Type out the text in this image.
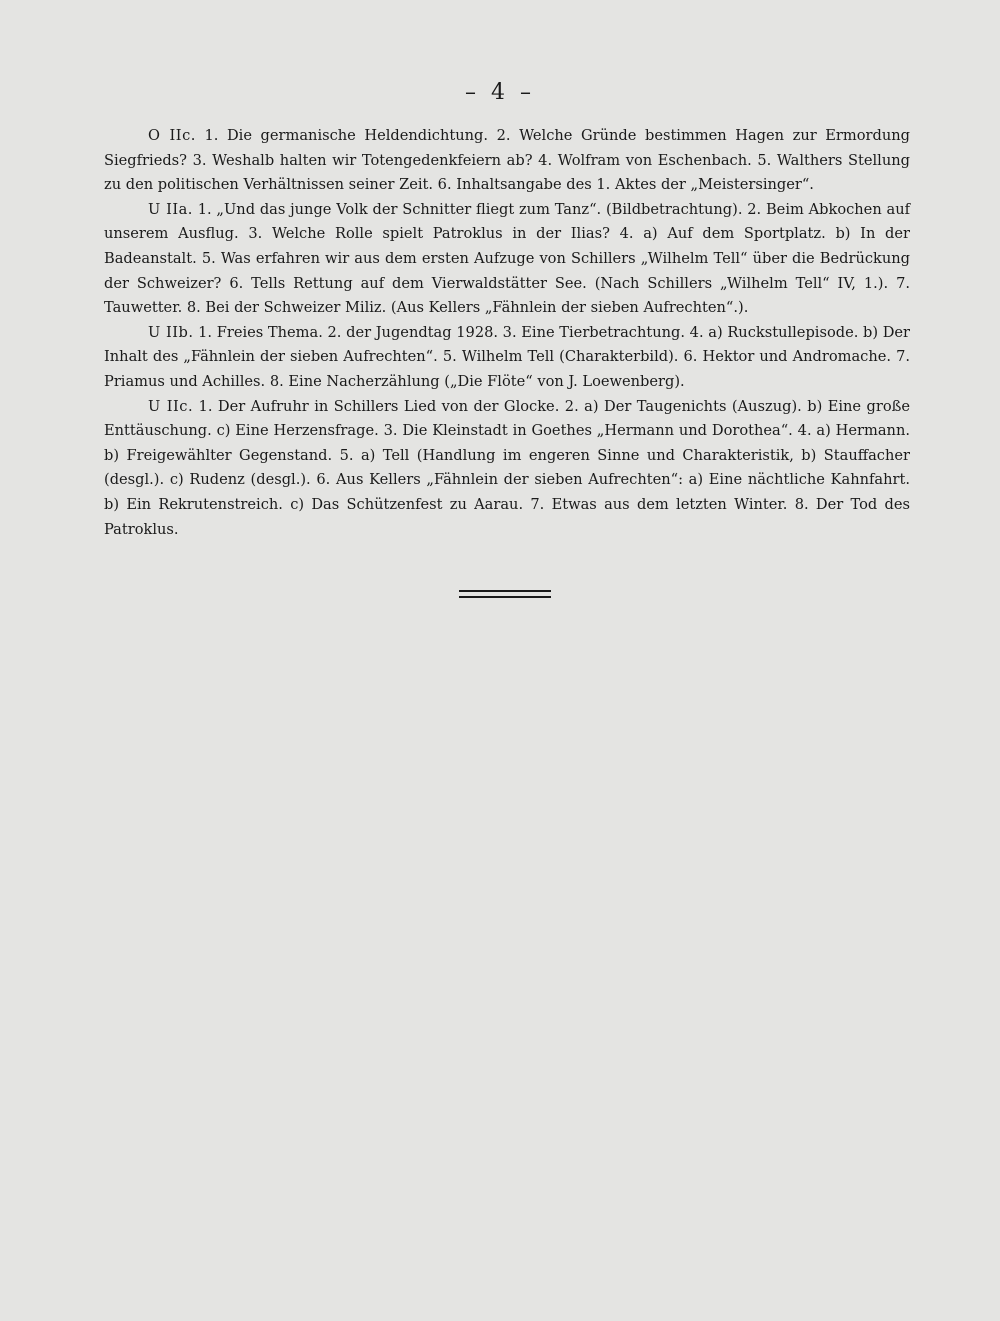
– 4 –

O IIc. 1. Die germanische Heldendichtung. 2. Welche Gründe bestimmen Hagen zur Ermordung Siegfrieds? 3. Weshalb halten wir Totengedenkfeiern ab? 4. Wolfram von Eschenbach. 5. Walthers Stellung zu den politischen Verhältnissen seiner Zeit. 6. Inhaltsangabe des 1. Aktes der „Meistersinger“.

U IIa. 1. „Und das junge Volk der Schnitter fliegt zum Tanz“. (Bildbetrachtung). 2. Beim Abkochen auf unserem Ausflug. 3. Welche Rolle spielt Patroklus in der Ilias? 4. a) Auf dem Sportplatz. b) In der Badeanstalt. 5. Was erfahren wir aus dem ersten Aufzuge von Schillers „Wilhelm Tell“ über die Bedrückung der Schweizer? 6. Tells Rettung auf dem Vierwaldstätter See. (Nach Schillers „Wilhelm Tell“ IV, 1.). 7. Tauwetter. 8. Bei der Schweizer Miliz. (Aus Kellers „Fähnlein der sieben Aufrechten“.).

U IIb. 1. Freies Thema. 2. der Jugendtag 1928. 3. Eine Tierbetrachtung. 4. a) Ruckstullepisode. b) Der Inhalt des „Fähnlein der sieben Aufrechten“. 5. Wilhelm Tell (Charakterbild). 6. Hektor und Andromache. 7. Priamus und Achilles. 8. Eine Nacherzählung („Die Flöte“ von J. Loewenberg).

U IIc. 1. Der Aufruhr in Schillers Lied von der Glocke. 2. a) Der Taugenichts (Auszug). b) Eine große Enttäuschung. c) Eine Herzensfrage. 3. Die Kleinstadt in Goethes „Hermann und Dorothea“. 4. a) Hermann. b) Freigewählter Gegenstand. 5. a) Tell (Handlung im engeren Sinne und Charakteristik, b) Stauffacher (desgl.). c) Rudenz (desgl.). 6. Aus Kellers „Fähnlein der sieben Aufrechten“: a) Eine nächtliche Kahnfahrt. b) Ein Rekrutenstreich. c) Das Schützenfest zu Aarau. 7. Etwas aus dem letzten Winter. 8. Der Tod des Patroklus.
